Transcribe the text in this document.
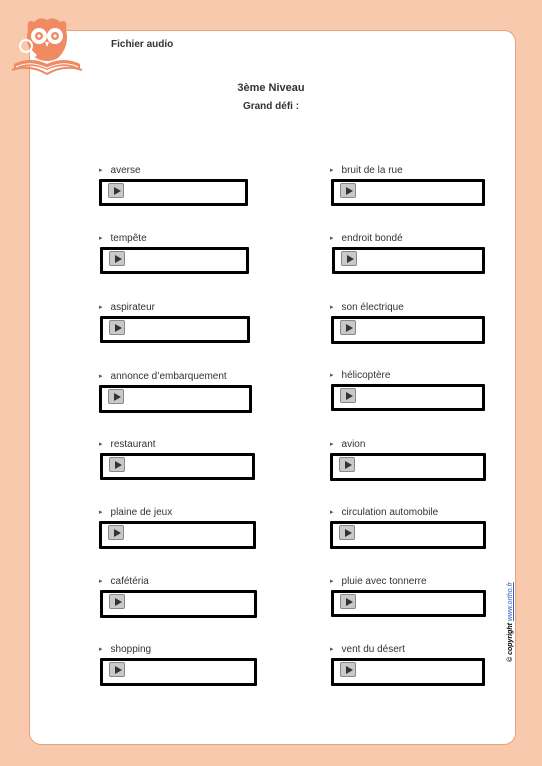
Fichier audio
3ème Niveau
Grand défi :
▸ averse
▸ tempête
▸ aspirateur
▸ annonce d’embarquement
▸ restaurant
▸ plaine de jeux
▸ cafétéria
▸ shopping
▸ bruit de la rue
▸ endroit bondé
▸ son électrique
▸ hélicoptère
▸ avion
▸ circulation automobile
▸ pluie avec tonnerre
▸ vent du désert	© copyright www.ortho.fr
